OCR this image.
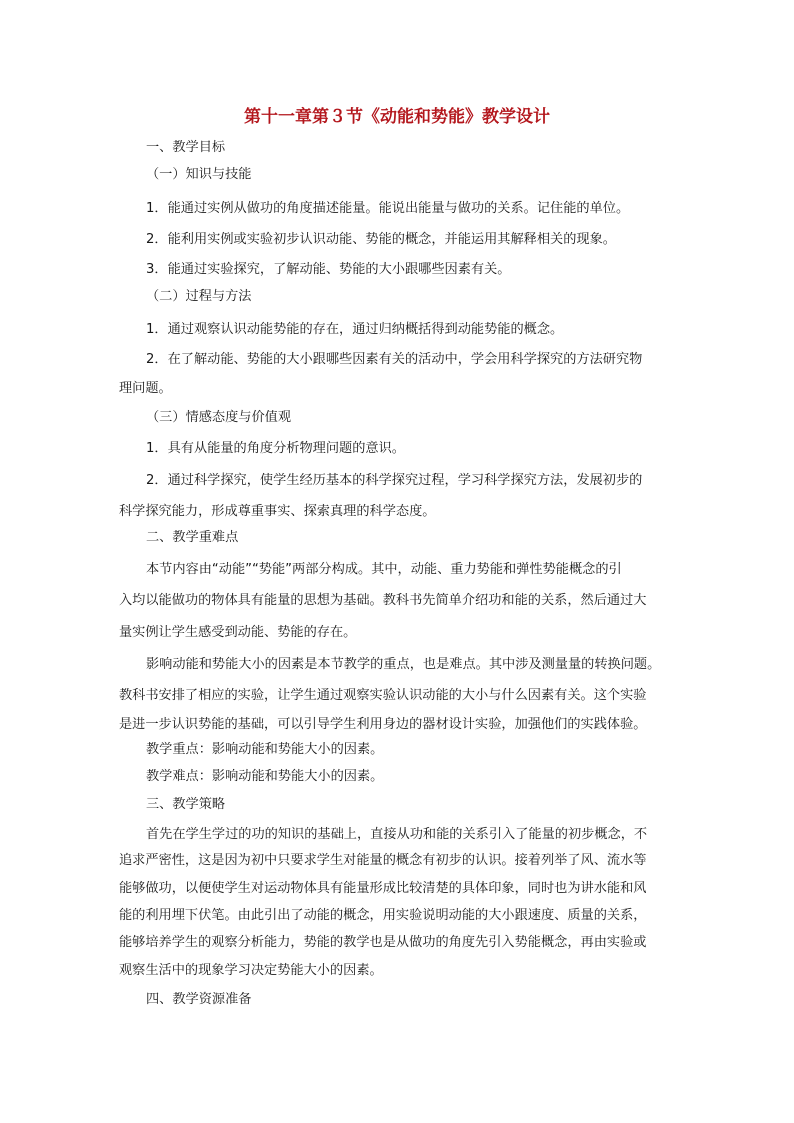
第十一章第３节《动能和势能》教学设计
一、教学目标
（一）知识与技能
1．能通过实例从做功的角度描述能量。能说出能量与做功的关系。记住能的单位。
2．能利用实例或实验初步认识动能、势能的概念，并能运用其解释相关的现象。
3．能通过实验探究，了解动能、势能的大小跟哪些因素有关。
（二）过程与方法
1．通过观察认识动能势能的存在，通过归纳概括得到动能势能的概念。
2．在了解动能、势能的大小跟哪些因素有关的活动中，学会用科学探究的方法研究物
理问题。
（三）情感态度与价值观
1．具有从能量的角度分析物理问题的意识。
2．通过科学探究，使学生经历基本的科学探究过程，学习科学探究方法，发展初步的
科学探究能力，形成尊重事实、探索真理的科学态度。
二、教学重难点
本节内容由“动能”“势能”两部分构成。其中，动能、重力势能和弹性势能概念的引
入均以能做功的物体具有能量的思想为基础。教科书先简单介绍功和能的关系，然后通过大
量实例让学生感受到动能、势能的存在。
影响动能和势能大小的因素是本节教学的重点，也是难点。其中涉及测量量的转换问题。
教科书安排了相应的实验，让学生通过观察实验认识动能的大小与什么因素有关。这个实验
是进一步认识势能的基础，可以引导学生利用身边的器材设计实验，加强他们的实践体验。
教学重点：影响动能和势能大小的因素。
教学难点：影响动能和势能大小的因素。
三、教学策略
首先在学生学过的功的知识的基础上，直接从功和能的关系引入了能量的初步概念，不
追求严密性，这是因为初中只要求学生对能量的概念有初步的认识。接着列举了风、流水等
能够做功，以便使学生对运动物体具有能量形成比较清楚的具体印象，同时也为讲水能和风
能的利用埋下伏笔。由此引出了动能的概念，用实验说明动能的大小跟速度、质量的关系，
能够培养学生的观察分析能力，势能的教学也是从做功的角度先引入势能概念，再由实验或
观察生活中的现象学习决定势能大小的因素。
四、教学资源准备
